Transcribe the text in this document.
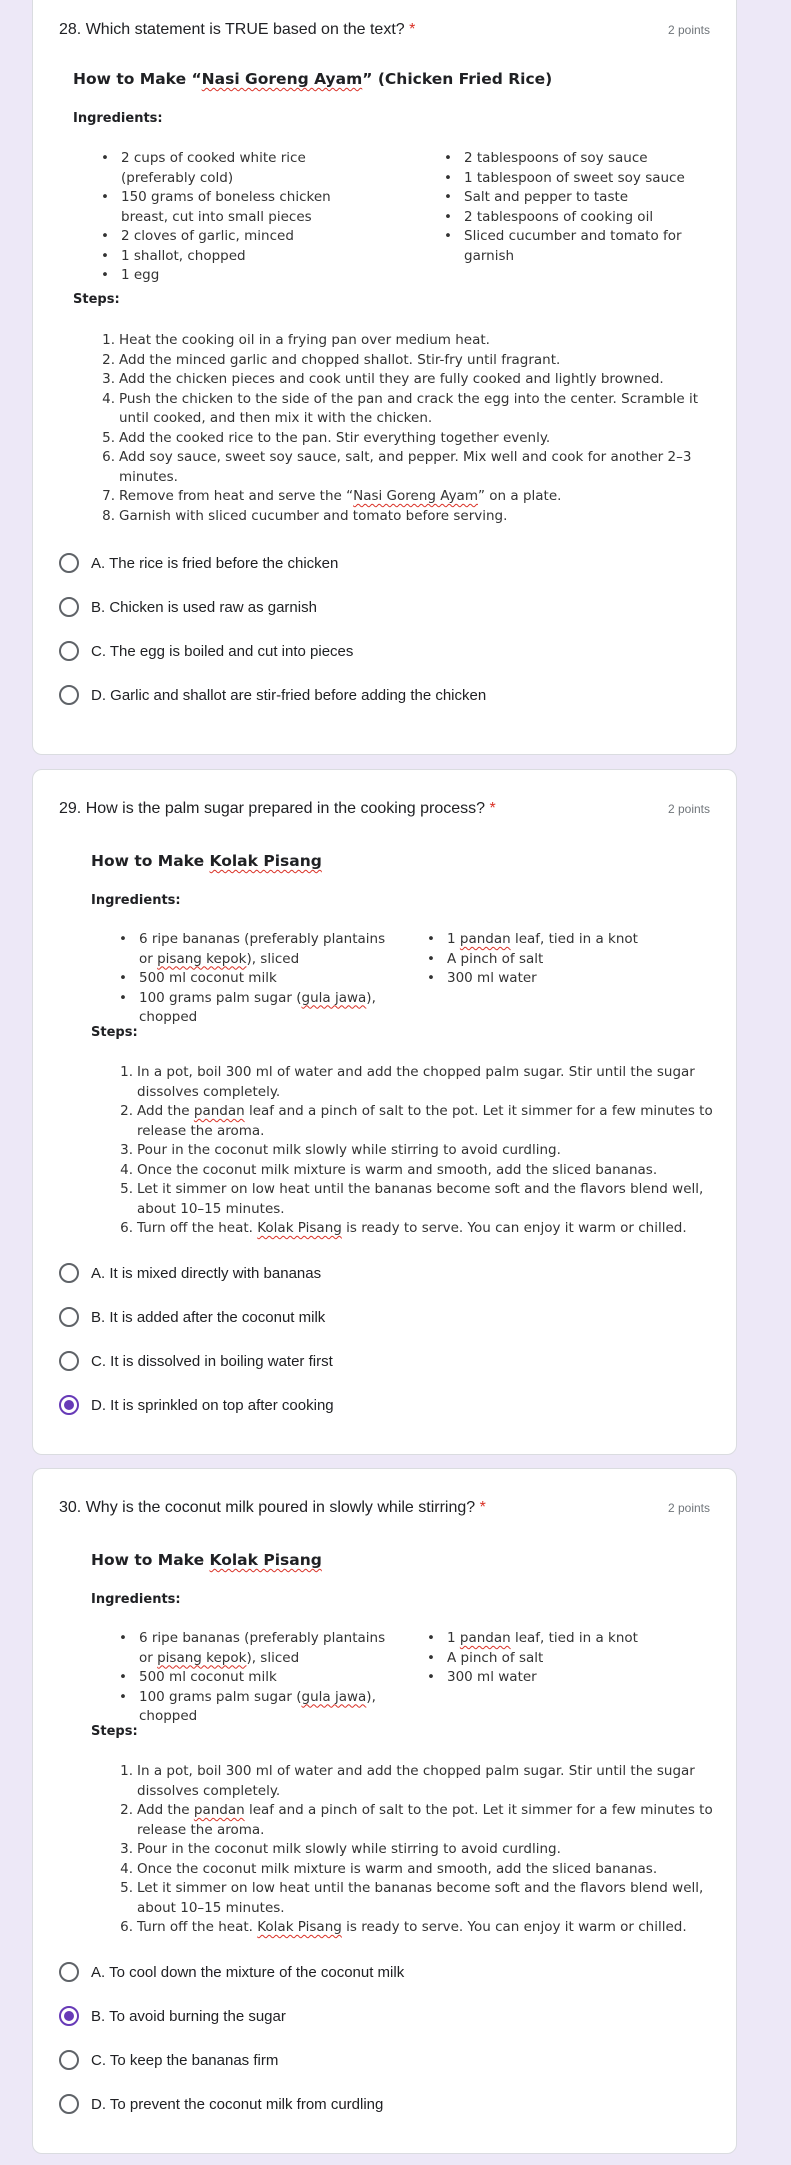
28. Which statement is TRUE based on the text? *	2 points
How to Make “Nasi Goreng Ayam” (Chicken Fried Rice)
Ingredients:
• 2 cups of cooked white rice
(preferably cold)
• 150 grams of boneless chicken
breast, cut into small pieces
• 2 cloves of garlic, minced
• 1 shallot, chopped
• 1 egg
• 2 tablespoons of soy sauce
• 1 tablespoon of sweet soy sauce
• Salt and pepper to taste
• 2 tablespoons of cooking oil
• Sliced cucumber and tomato for
garnish
Steps:
1. Heat the cooking oil in a frying pan over medium heat.
2. Add the minced garlic and chopped shallot. Stir-fry until fragrant.
3. Add the chicken pieces and cook until they are fully cooked and lightly browned.
4. Push the chicken to the side of the pan and crack the egg into the center. Scramble it
until cooked, and then mix it with the chicken.
5. Add the cooked rice to the pan. Stir everything together evenly.
6. Add soy sauce, sweet soy sauce, salt, and pepper. Mix well and cook for another 2–3
minutes.
7. Remove from heat and serve the “Nasi Goreng Ayam” on a plate.
8. Garnish with sliced cucumber and tomato before serving.
A. The rice is fried before the chicken
B. Chicken is used raw as garnish
C. The egg is boiled and cut into pieces
D. Garlic and shallot are stir-fried before adding the chicken
29. How is the palm sugar prepared in the cooking process? *	2 points
How to Make Kolak Pisang
Ingredients:
• 6 ripe bananas (preferably plantains
or pisang kepok), sliced
• 500 ml coconut milk
• 100 grams palm sugar (gula jawa),
chopped
• 1 pandan leaf, tied in a knot
• A pinch of salt
• 300 ml water
Steps:
1. In a pot, boil 300 ml of water and add the chopped palm sugar. Stir until the sugar
dissolves completely.
2. Add the pandan leaf and a pinch of salt to the pot. Let it simmer for a few minutes to
release the aroma.
3. Pour in the coconut milk slowly while stirring to avoid curdling.
4. Once the coconut milk mixture is warm and smooth, add the sliced bananas.
5. Let it simmer on low heat until the bananas become soft and the flavors blend well,
about 10–15 minutes.
6. Turn off the heat. Kolak Pisang is ready to serve. You can enjoy it warm or chilled.
A. It is mixed directly with bananas
B. It is added after the coconut milk
C. It is dissolved in boiling water first
D. It is sprinkled on top after cooking
30. Why is the coconut milk poured in slowly while stirring? *	2 points
How to Make Kolak Pisang
Ingredients:
• 6 ripe bananas (preferably plantains
or pisang kepok), sliced
• 500 ml coconut milk
• 100 grams palm sugar (gula jawa),
chopped
• 1 pandan leaf, tied in a knot
• A pinch of salt
• 300 ml water
Steps:
1. In a pot, boil 300 ml of water and add the chopped palm sugar. Stir until the sugar
dissolves completely.
2. Add the pandan leaf and a pinch of salt to the pot. Let it simmer for a few minutes to
release the aroma.
3. Pour in the coconut milk slowly while stirring to avoid curdling.
4. Once the coconut milk mixture is warm and smooth, add the sliced bananas.
5. Let it simmer on low heat until the bananas become soft and the flavors blend well,
about 10–15 minutes.
6. Turn off the heat. Kolak Pisang is ready to serve. You can enjoy it warm or chilled.
A. To cool down the mixture of the coconut milk
B. To avoid burning the sugar
C. To keep the bananas firm
D. To prevent the coconut milk from curdling
